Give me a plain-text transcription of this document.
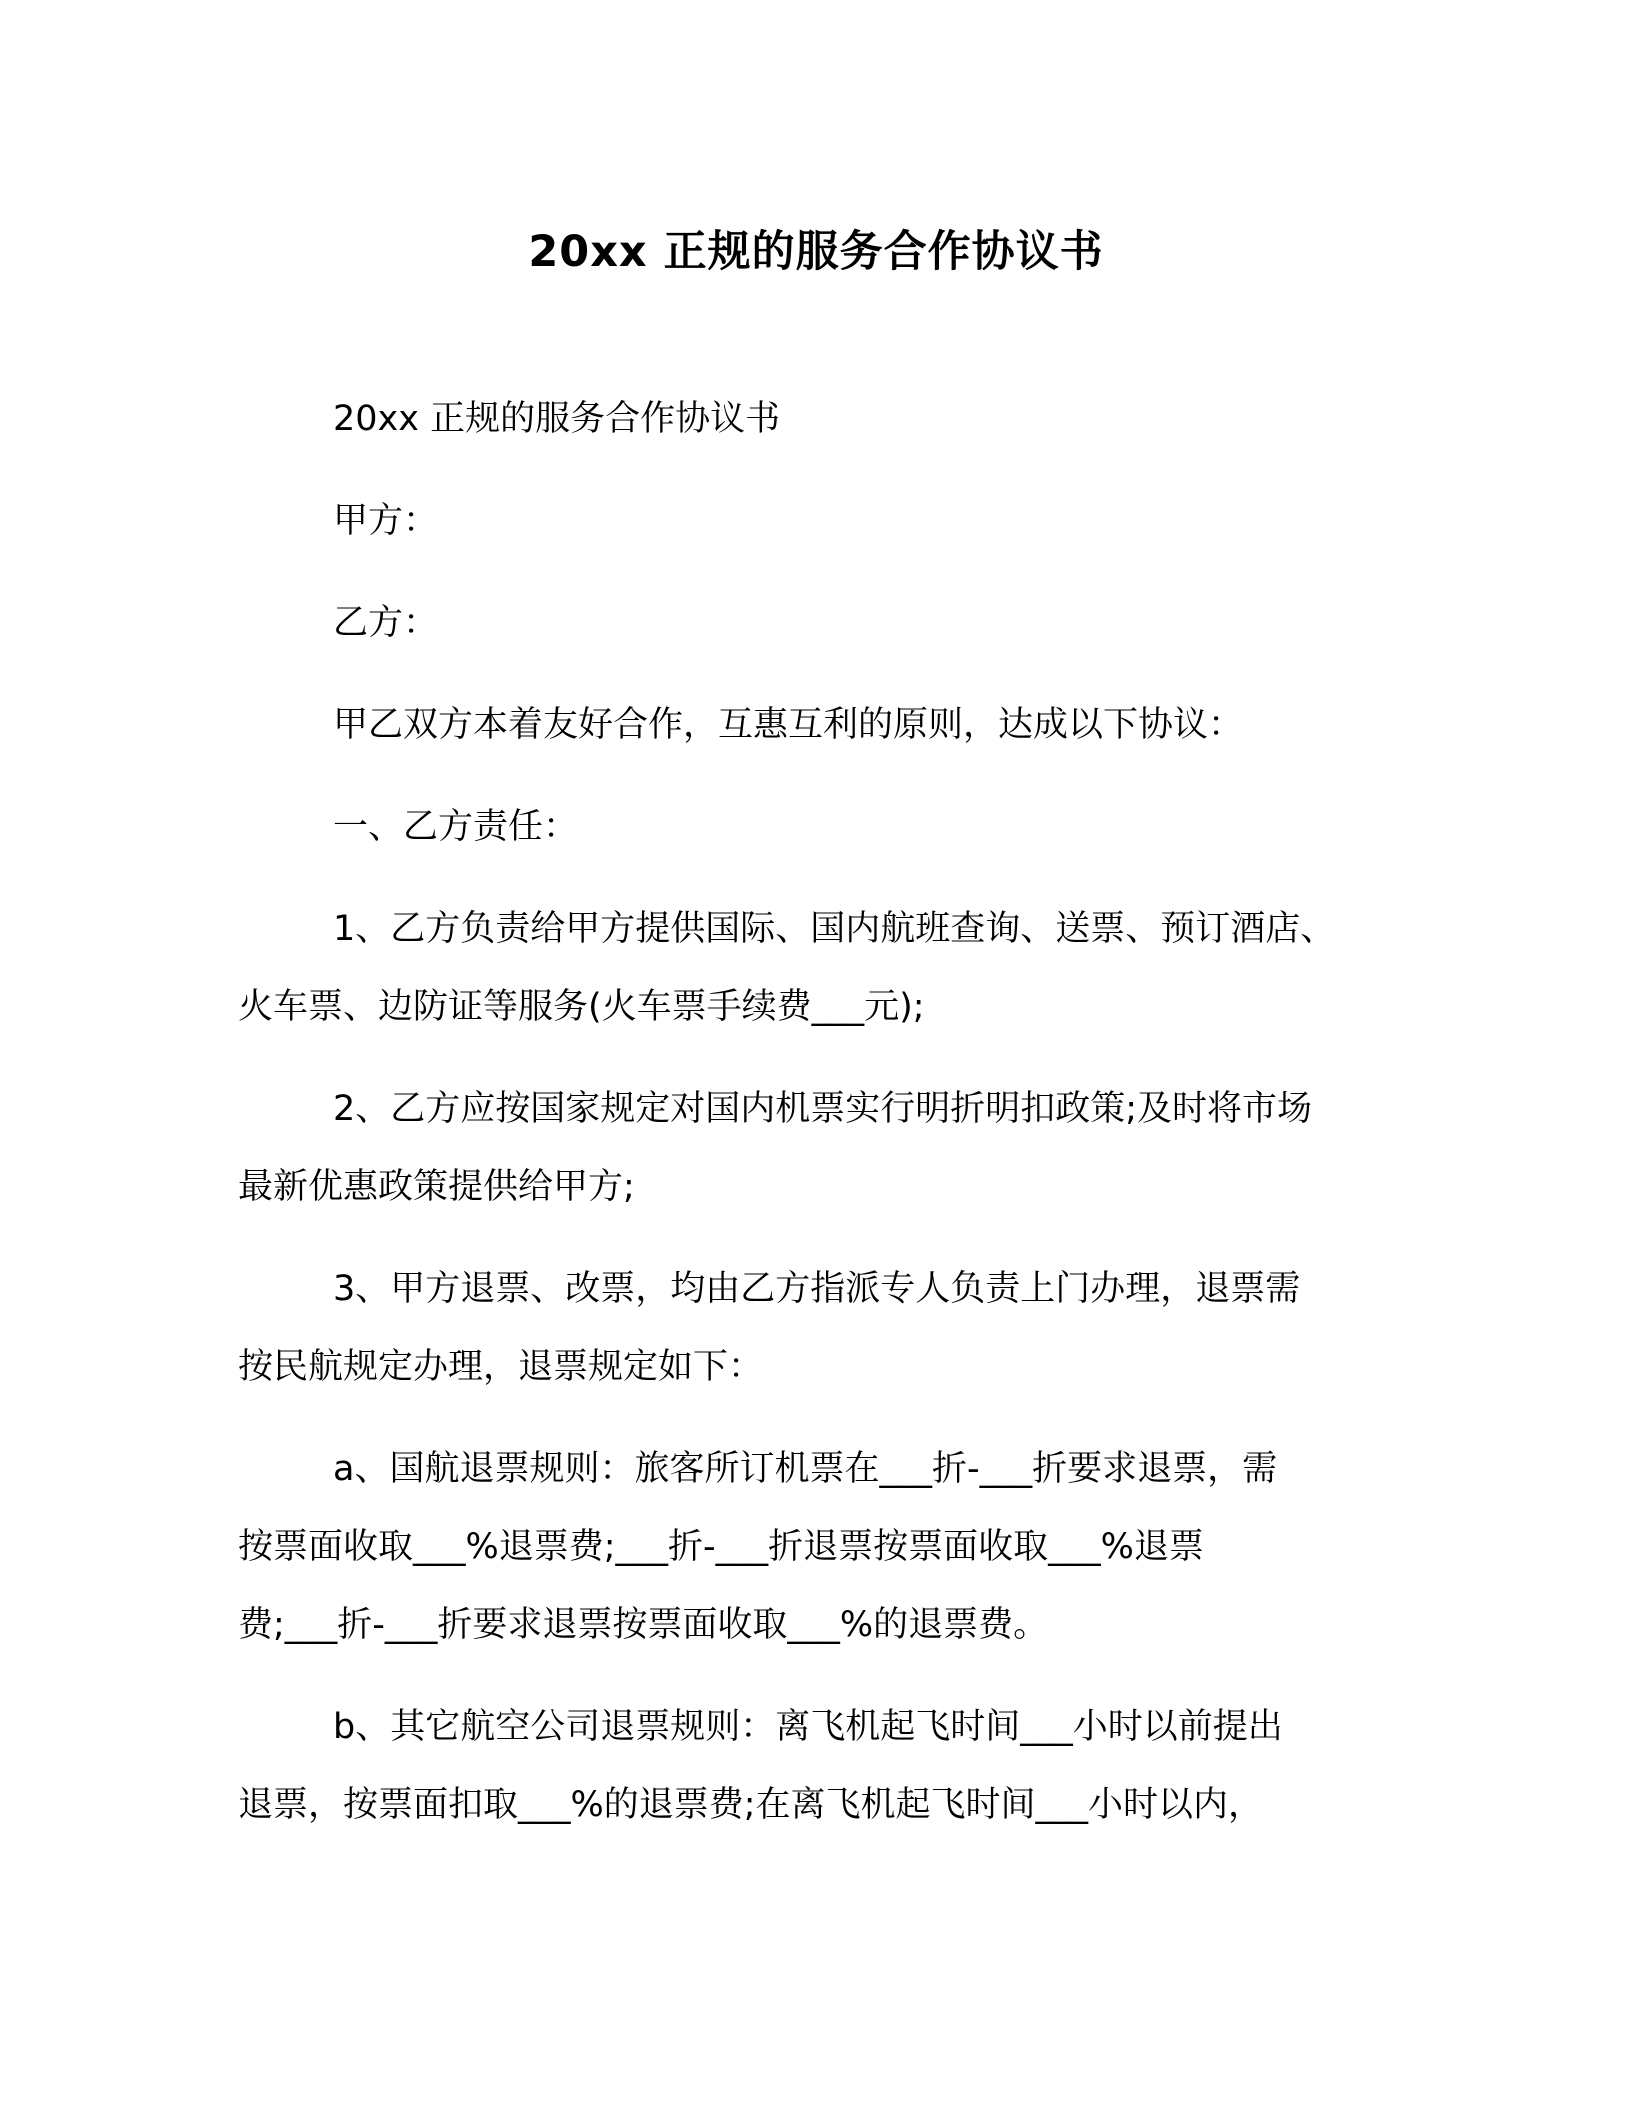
20xx 正规的服务合作协议书

20xx 正规的服务合作协议书

甲方：

乙方：

甲乙双方本着友好合作，互惠互利的原则，达成以下协议：

一、乙方责任：

1、乙方负责给甲方提供国际、国内航班查询、送票、预订酒店、

火车票、边防证等服务(火车票手续费___元);

2、乙方应按国家规定对国内机票实行明折明扣政策;及时将市场

最新优惠政策提供给甲方;

3、甲方退票、改票，均由乙方指派专人负责上门办理，退票需

按民航规定办理，退票规定如下：

a、国航退票规则：旅客所订机票在___折-___折要求退票，需

按票面收取___%退票费;___折-___折退票按票面收取___%退票

费;___折-___折要求退票按票面收取___%的退票费。

b、其它航空公司退票规则：离飞机起飞时间___小时以前提出

退票，按票面扣取___%的退票费;在离飞机起飞时间___小时以内，
